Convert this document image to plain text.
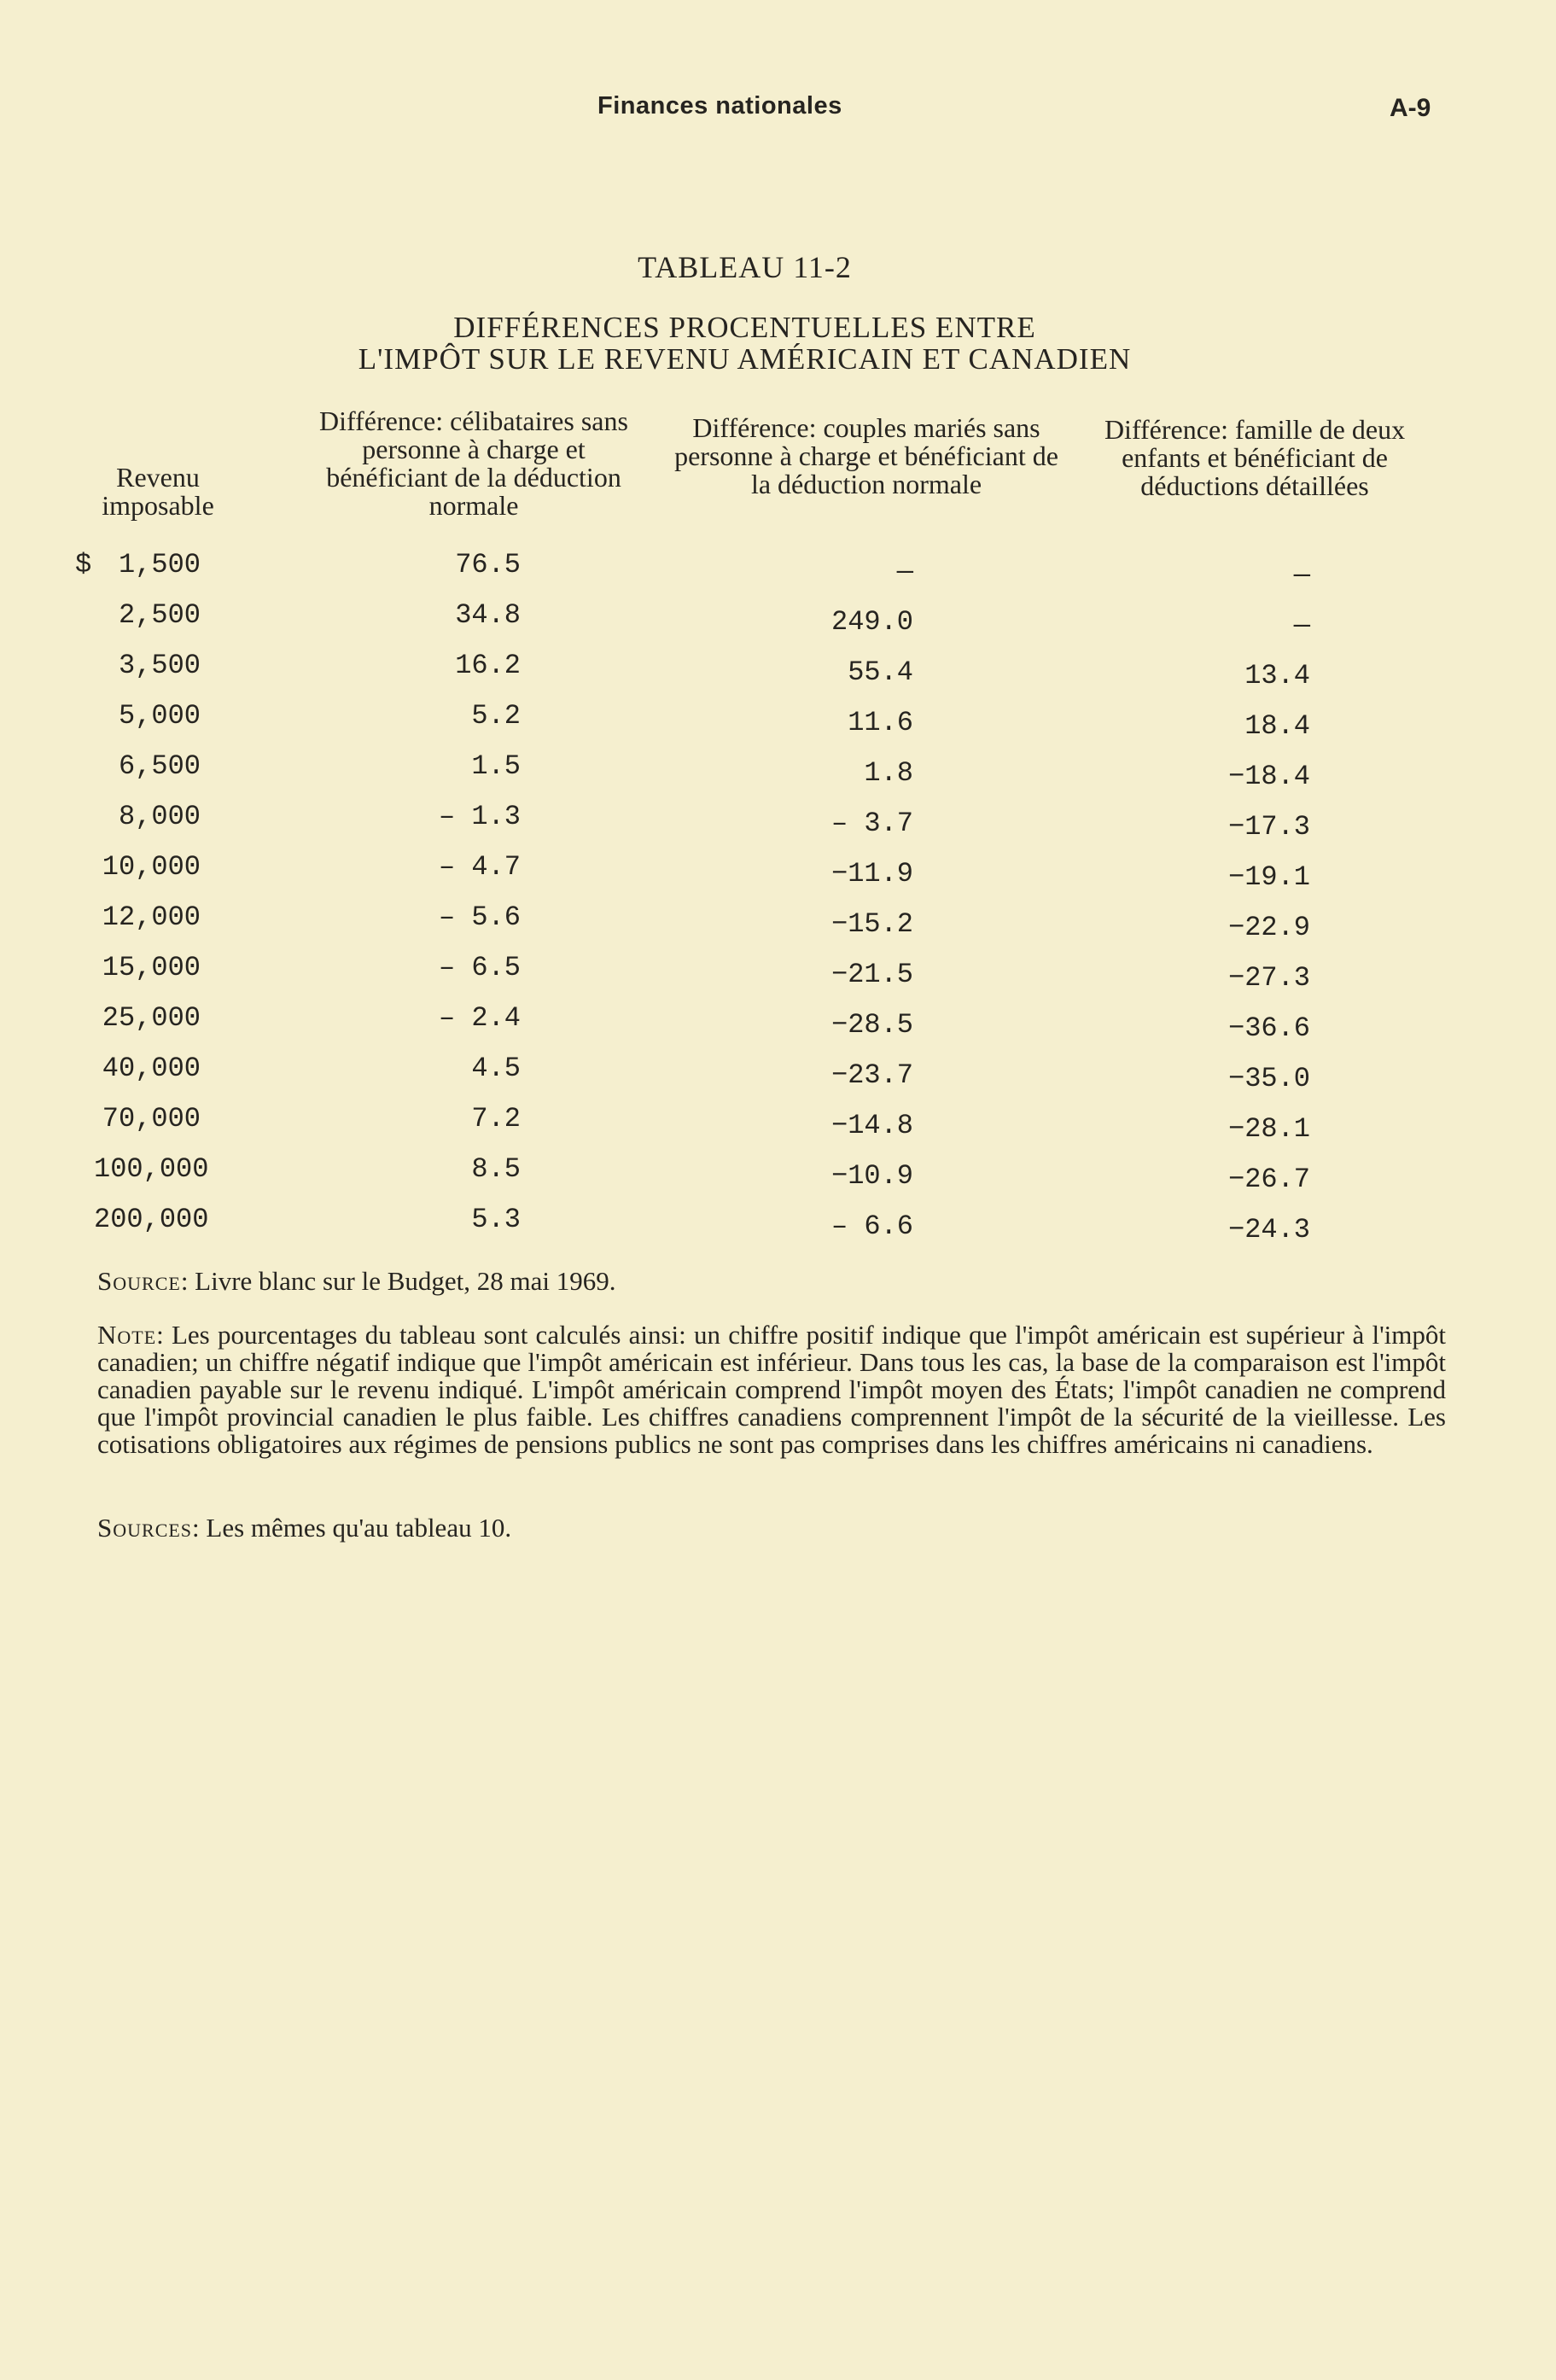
Finances nationales	A-9
TABLEAU 11-2
DIFFÉRENCES PROCENTUELLES ENTRE
L'IMPÔT SUR LE REVENU AMÉRICAIN ET CANADIEN
Revenu imposable
Différence: célibataires sans personne à charge et bénéficiant de la déduction normale
Différence: couples mariés sans personne à charge et bénéficiant de la déduction normale
Différence: famille de deux enfants et bénéficiant de déductions détaillées
$ 1,500	76.5	—	—
2,500	34.8	249.0	—
3,500	16.2	55.4	13.4
5,000	5.2	11.6	18.4
6,500	1.5	1.8	−18.4
8,000	– 1.3	– 3.7	−17.3
10,000	– 4.7	−11.9	−19.1
12,000	– 5.6	−15.2	−22.9
15,000	– 6.5	−21.5	−27.3
25,000	– 2.4	−28.5	−36.6
40,000	4.5	−23.7	−35.0
70,000	7.2	−14.8	−28.1
100,000	8.5	−10.9	−26.7
200,000	5.3	– 6.6	−24.3
Source: Livre blanc sur le Budget, 28 mai 1969.
Note: Les pourcentages du tableau sont calculés ainsi: un chiffre positif indique que l'impôt américain est supérieur à l'impôt canadien; un chiffre négatif indique que l'impôt américain est inférieur. Dans tous les cas, la base de la comparaison est l'impôt canadien payable sur le revenu indiqué. L'impôt américain comprend l'impôt moyen des États; l'impôt canadien ne comprend que l'impôt provincial canadien le plus faible. Les chiffres canadiens comprennent l'impôt de la sécurité de la vieillesse. Les cotisations obligatoires aux régimes de pensions publics ne sont pas comprises dans les chiffres américains ni canadiens.
Sources: Les mêmes qu'au tableau 10.
